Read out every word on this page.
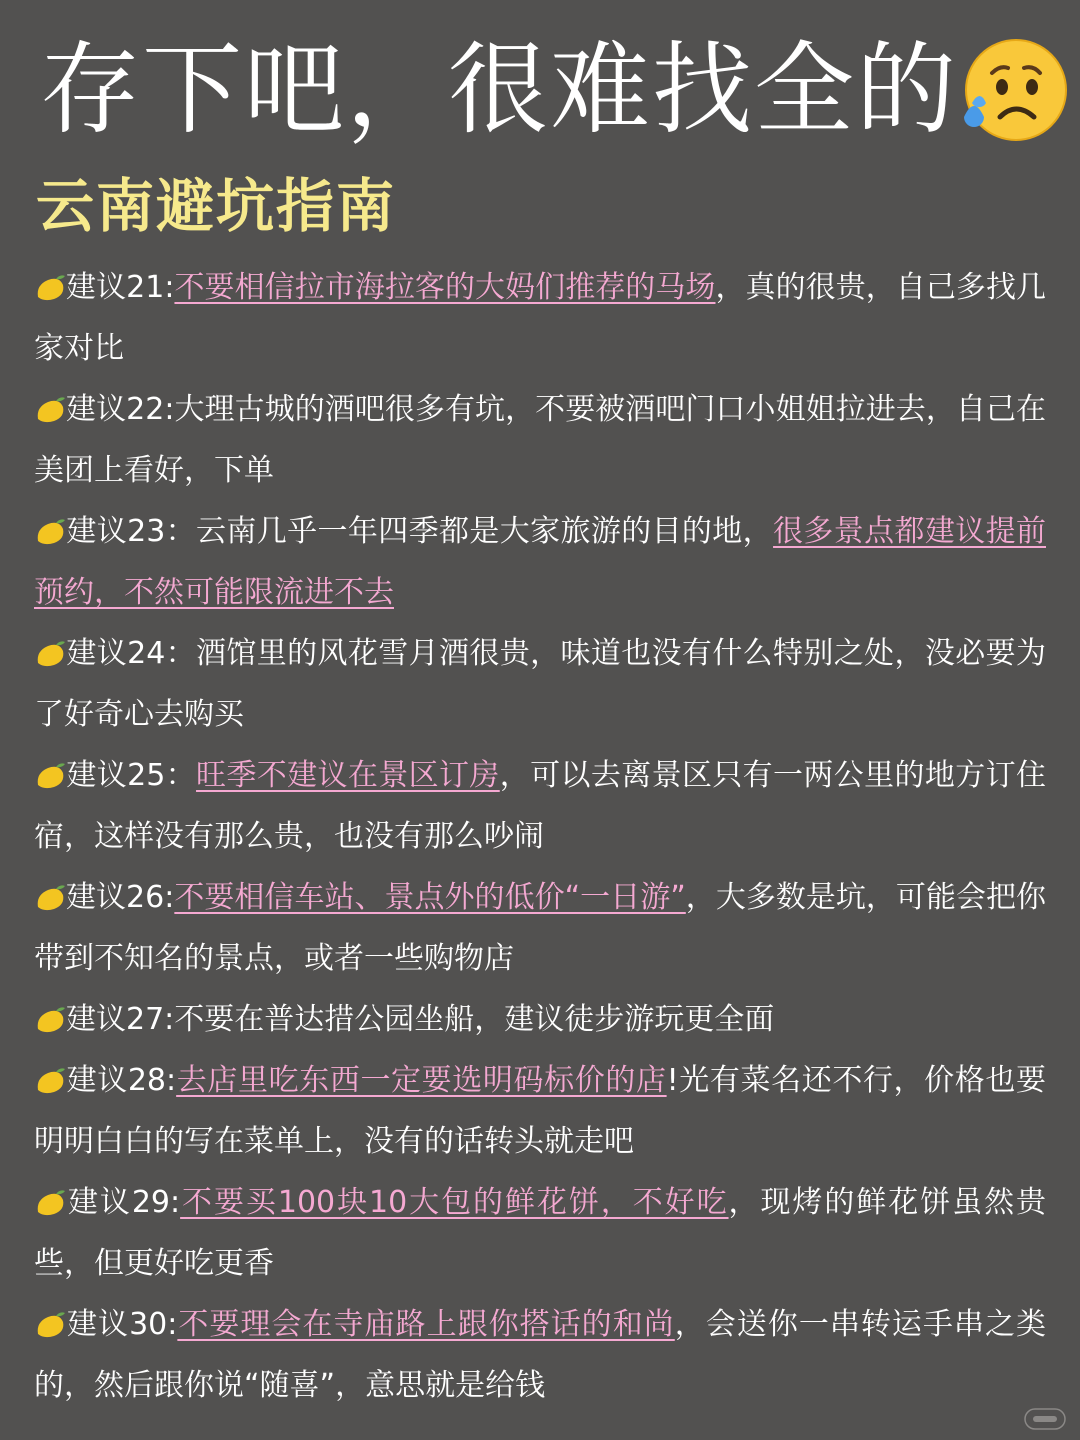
存下吧，很难找全的
云南避坑指南
建议21:不要相信拉市海拉客的大妈们推荐的马场，真的很贵，自己多找几家对比
建议22:大理古城的酒吧很多有坑，不要被酒吧门口小姐姐拉进去，自己在美团上看好，下单
建议23：云南几乎一年四季都是大家旅游的目的地，很多景点都建议提前预约，不然可能限流进不去
建议24：酒馆里的风花雪月酒很贵，味道也没有什么特别之处，没必要为了好奇心去购买
建议25：旺季不建议在景区订房，可以去离景区只有一两公里的地方订住宿，这样没有那么贵，也没有那么吵闹
建议26:不要相信车站、景点外的低价“一日游”，大多数是坑，可能会把你带到不知名的景点，或者一些购物店
建议27:不要在普达措公园坐船，建议徒步游玩更全面
建议28:去店里吃东西一定要选明码标价的店!光有菜名还不行，价格也要明明白白的写在菜单上，没有的话转头就走吧
建议29:不要买100块10大包的鲜花饼，不好吃，现烤的鲜花饼虽然贵些，但更好吃更香
建议30:不要理会在寺庙路上跟你搭话的和尚，会送你一串转运手串之类的，然后跟你说“随喜”，意思就是给钱
